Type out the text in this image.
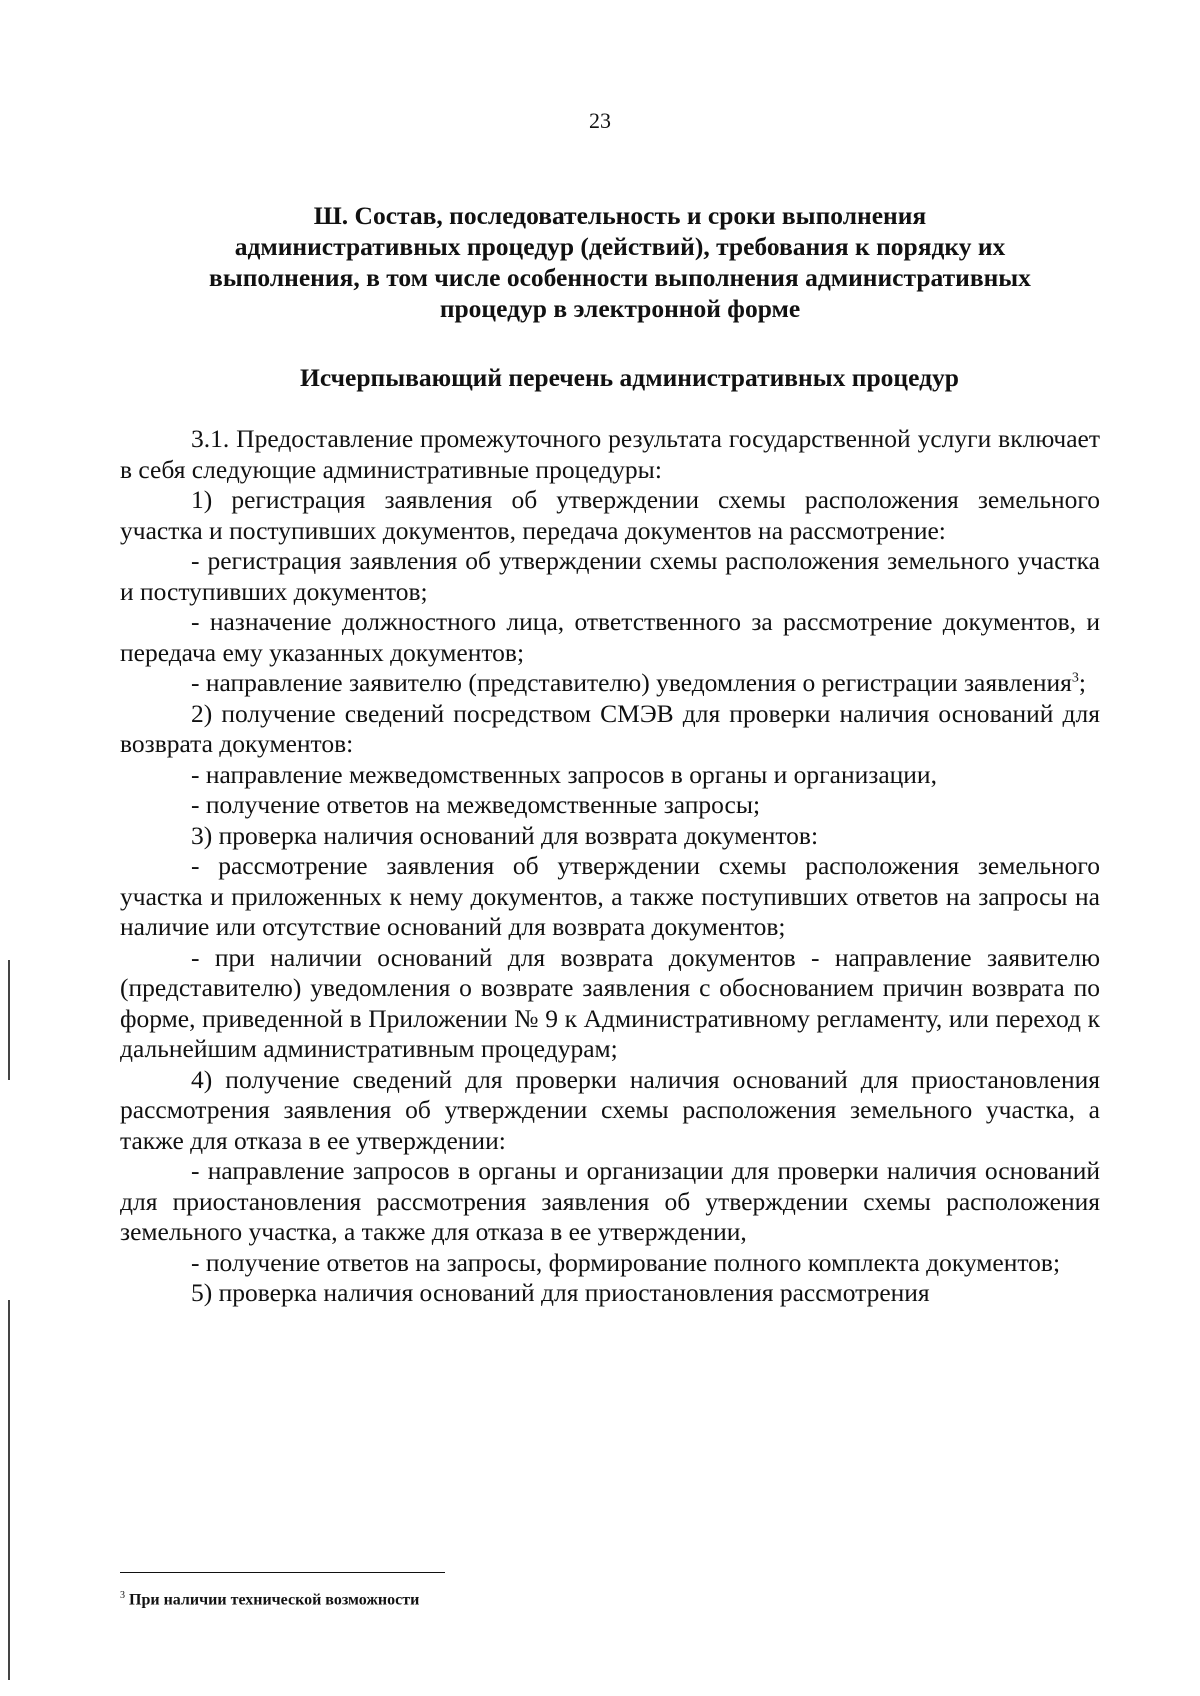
23
Ш. Состав, последовательность и сроки выполнения
административных процедур (действий), требования к порядку их
выполнения, в том числе особенности выполнения административных
процедур в электронной форме
Исчерпывающий перечень административных процедур

3.1. Предоставление промежуточного результата государственной услуги включает в себя следующие административные процедуры:

1) регистрация заявления об утверждении схемы расположения земельного участка и поступивших документов, передача документов на рассмотрение:

- регистрация заявления об утверждении схемы расположения земельного участка и поступивших документов;

- назначение должностного лица, ответственного за рассмотрение документов, и передача ему указанных документов;

- направление заявителю (представителю) уведомления о регистрации заявления$^3$;

2) получение сведений посредством СМЭВ для проверки наличия оснований для возврата документов:

- направление межведомственных запросов в органы и организации,

- получение ответов на межведомственные запросы;

3) проверка наличия оснований для возврата документов:

- рассмотрение заявления об утверждении схемы расположения земельного участка и приложенных к нему документов, а также поступивших ответов на запросы на наличие или отсутствие оснований для возврата документов;

- при наличии оснований для возврата документов - направление заявителю (представителю) уведомления о возврате заявления с обоснованием причин возврата по форме, приведенной в Приложении № 9 к Административному регламенту, или переход к дальнейшим административным процедурам;

4) получение сведений для проверки наличия оснований для приостановления рассмотрения заявления об утверждении схемы расположения земельного участка, а также для отказа в ее утверждении:

- направление запросов в органы и организации для проверки наличия оснований для приостановления рассмотрения заявления об утверждении схемы расположения земельного участка, а также для отказа в ее утверждении,

- получение ответов на запросы, формирование полного комплекта документов;

5) проверка наличия оснований для приостановления рассмотрения

$^3$ При наличии технической возможности
